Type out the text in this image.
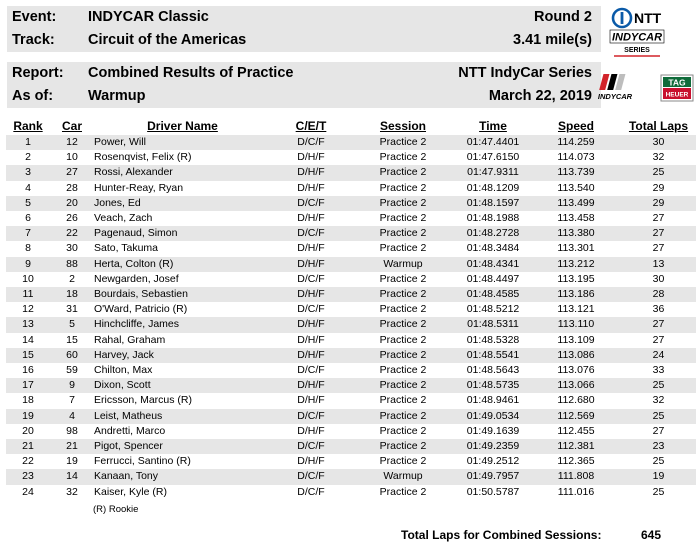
Event: INDYCAR Classic	Round 2
Track: Circuit of the Americas	3.41 mile(s)
Report: Combined Results of Practice	NTT IndyCar Series
As of: Warmup	March 22, 2019
NTT
INDYCAR
SERIES
INDYCAR
TAG
HEUER
Rank	Car	Driver Name	C/E/T	Session	Time	Speed	Total Laps
1	12	Power, Will	D/C/F	Practice 2	01:47.4401	114.259	30
2	10	Rosenqvist, Felix (R)	D/H/F	Practice 2	01:47.6150	114.073	32
3	27	Rossi, Alexander	D/H/F	Practice 2	01:47.9311	113.739	25
4	28	Hunter-Reay, Ryan	D/H/F	Practice 2	01:48.1209	113.540	29
5	20	Jones, Ed	D/C/F	Practice 2	01:48.1597	113.499	29
6	26	Veach, Zach	D/H/F	Practice 2	01:48.1988	113.458	27
7	22	Pagenaud, Simon	D/C/F	Practice 2	01:48.2728	113.380	27
8	30	Sato, Takuma	D/H/F	Practice 2	01:48.3484	113.301	27
9	88	Herta, Colton (R)	D/H/F	Warmup	01:48.4341	113.212	13
10	2	Newgarden, Josef	D/C/F	Practice 2	01:48.4497	113.195	30
11	18	Bourdais, Sebastien	D/H/F	Practice 2	01:48.4585	113.186	28
12	31	O'Ward, Patricio (R)	D/C/F	Practice 2	01:48.5212	113.121	36
13	5	Hinchcliffe, James	D/H/F	Practice 2	01:48.5311	113.110	27
14	15	Rahal, Graham	D/H/F	Practice 2	01:48.5328	113.109	27
15	60	Harvey, Jack	D/H/F	Practice 2	01:48.5541	113.086	24
16	59	Chilton, Max	D/C/F	Practice 2	01:48.5643	113.076	33
17	9	Dixon, Scott	D/H/F	Practice 2	01:48.5735	113.066	25
18	7	Ericsson, Marcus (R)	D/H/F	Practice 2	01:48.9461	112.680	32
19	4	Leist, Matheus	D/C/F	Practice 2	01:49.0534	112.569	25
20	98	Andretti, Marco	D/H/F	Practice 2	01:49.1639	112.455	27
21	21	Pigot, Spencer	D/C/F	Practice 2	01:49.2359	112.381	23
22	19	Ferrucci, Santino (R)	D/H/F	Practice 2	01:49.2512	112.365	25
23	14	Kanaan, Tony	D/C/F	Warmup	01:49.7957	111.808	19
24	32	Kaiser, Kyle (R)	D/C/F	Practice 2	01:50.5787	111.016	25
(R) Rookie
Total Laps for Combined Sessions:	645
